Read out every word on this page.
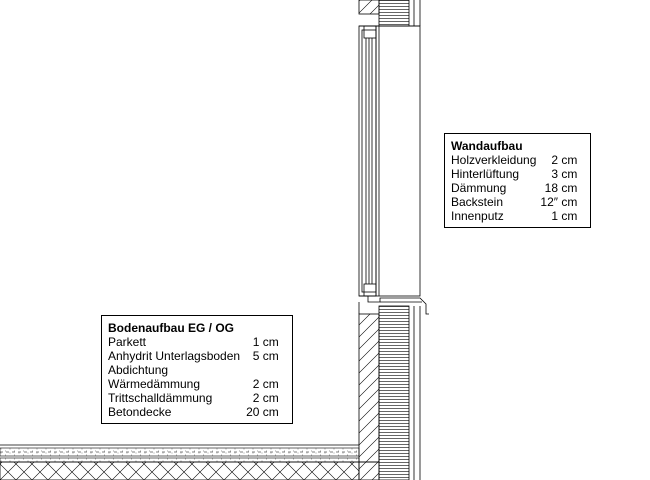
Wandaufbau
Holzverkleidung	2 cm
Hinterlüftung	3 cm
Dämmung	18 cm
Backstein	12″ cm
Innenputz	1 cm
Bodenaufbau EG / OG
Parkett	1 cm
Anhydrit Unterlagsboden	5 cm
Abdichtung	
Wärmedämmung	2 cm
Trittschalldämmung	2 cm
Betondecke	20 cm
